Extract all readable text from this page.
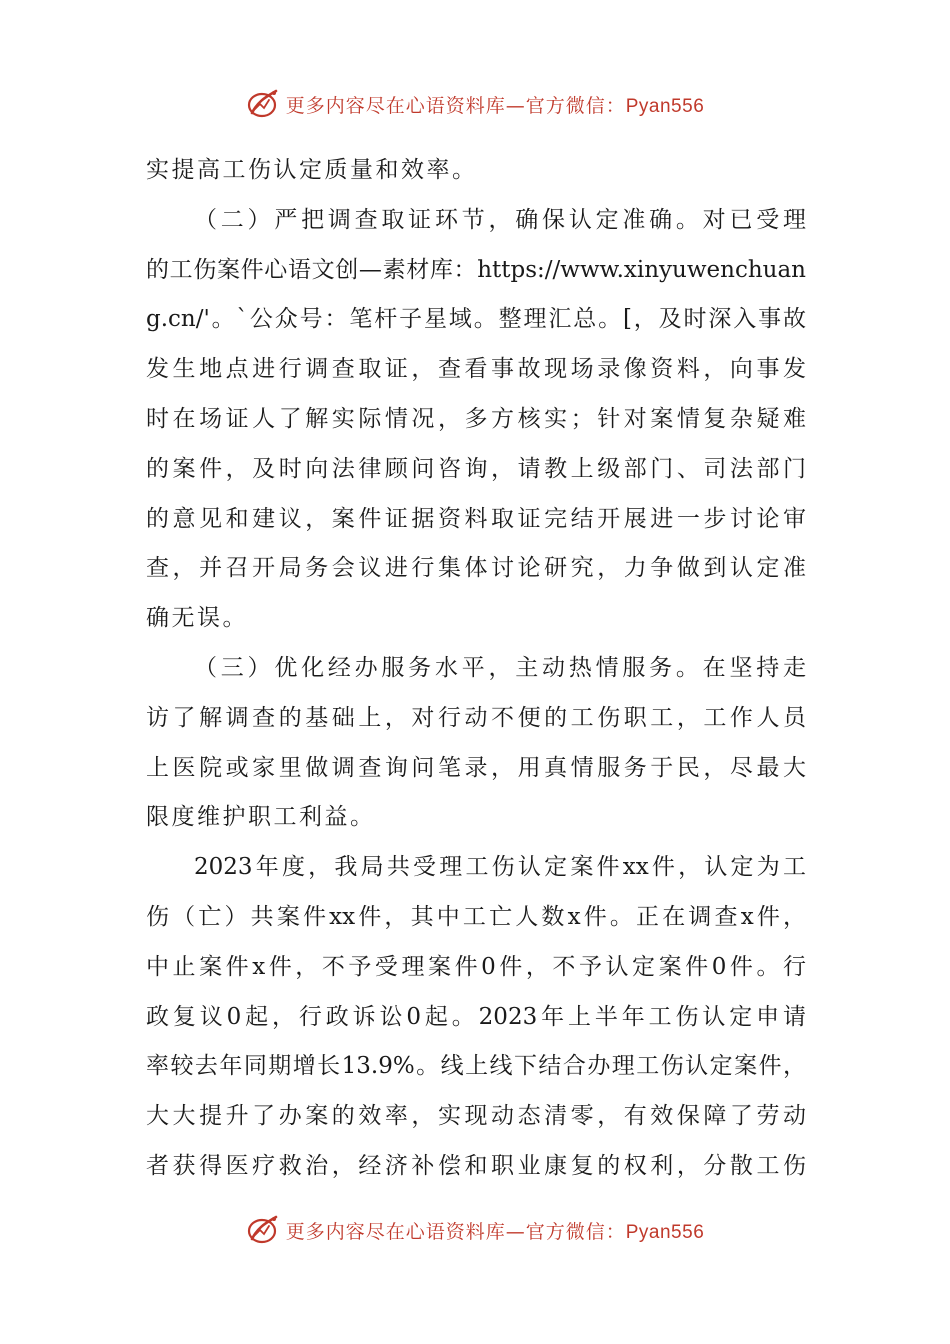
更多内容尽在心语资料库—官方微信：Pyan556
实提高工伤认定质量和效率。
（二）严把调查取证环节，确保认定准确。对已受理
的工伤案件心语文创—素材库：https://www.xinyuwenchuan
g.cn/'。`公众号：笔杆子星域。整理汇总。[，及时深入事故
发生地点进行调查取证，查看事故现场录像资料，向事发
时在场证人了解实际情况，多方核实；针对案情复杂疑难
的案件，及时向法律顾问咨询，请教上级部门、司法部门
的意见和建议，案件证据资料取证完结开展进一步讨论审
查，并召开局务会议进行集体讨论研究，力争做到认定准
确无误。
（三）优化经办服务水平，主动热情服务。在坚持走
访了解调查的基础上，对行动不便的工伤职工，工作人员
上医院或家里做调查询问笔录，用真情服务于民，尽最大
限度维护职工利益。
2023年度，我局共受理工伤认定案件xx件，认定为工
伤（亡）共案件xx件，其中工亡人数x件。正在调查x件，
中止案件x件，不予受理案件0件，不予认定案件0件。行
政复议0起，行政诉讼0起。2023年上半年工伤认定申请
率较去年同期增长13.9%。线上线下结合办理工伤认定案件，
大大提升了办案的效率，实现动态清零，有效保障了劳动
者获得医疗救治，经济补偿和职业康复的权利，分散工伤
更多内容尽在心语资料库—官方微信：Pyan556
